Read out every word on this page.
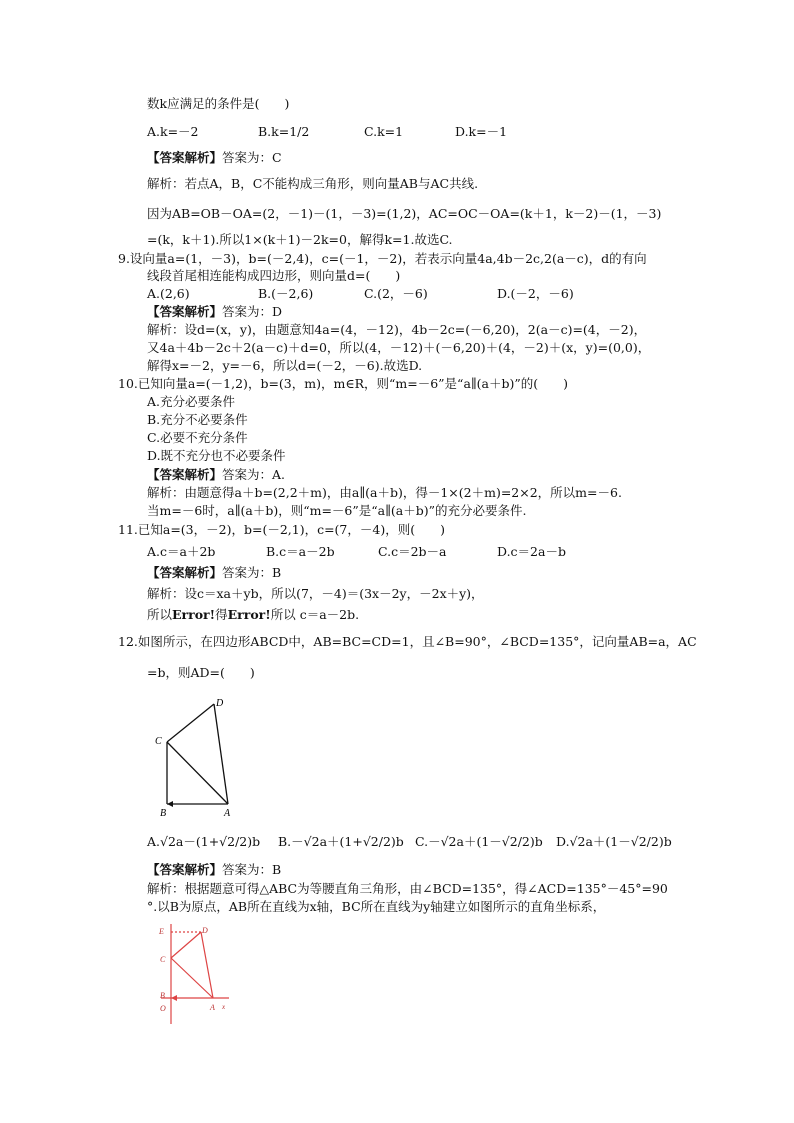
数k应满足的条件是(　　)
A.k=－2	B.k=1/2	C.k=1	D.k=－1
【答案解析】答案为：C
解析：若点A，B，C不能构成三角形，则向量AB与AC共线.
因为AB=OB－OA=(2，－1)－(1，－3)=(1,2)，AC=OC－OA=(k＋1，k－2)－(1，－3)
=(k，k＋1).所以1×(k＋1)－2k=0，解得k=1.故选C.
9.设向量a=(1，－3)，b=(－2,4)，c=(－1，－2)，若表示向量4a,4b－2c,2(a－c)，d的有向
线段首尾相连能构成四边形，则向量d=(　　)
A.(2,6)	B.(－2,6)	C.(2，－6)	D.(－2，－6)
【答案解析】答案为：D
解析：设d=(x，y)，由题意知4a=(4，－12)，4b－2c=(－6,20)，2(a－c)=(4，－2)，
又4a＋4b－2c＋2(a－c)＋d=0，所以(4，－12)＋(－6,20)＋(4，－2)＋(x，y)=(0,0)，
解得x=－2，y=－6，所以d=(－2，－6).故选D.
10.已知向量a=(－1,2)，b=(3，m)，m∈R，则“m=－6”是“a∥(a＋b)”的(　　)
A.充分必要条件
B.充分不必要条件
C.必要不充分条件
D.既不充分也不必要条件
【答案解析】答案为：A.
解析：由题意得a＋b=(2,2＋m)，由a∥(a＋b)，得－1×(2＋m)=2×2，所以m=－6.
当m=－6时，a∥(a＋b)，则“m=－6”是“a∥(a＋b)”的充分必要条件.
11.已知a=(3，－2)，b=(－2,1)，c=(7，－4)，则(　　)
A.c＝a＋2b	B.c＝a－2b	C.c＝2b－a	D.c＝2a－b
【答案解析】答案为：B
解析：设c＝xa＋yb，所以(7，－4)＝(3x－2y，－2x＋y)，
所以Error!得Error!所以 c＝a－2b.
12.如图所示，在四边形ABCD中，AB=BC=CD=1，且∠B=90°，∠BCD=135°，记向量AB=a，AC
=b，则AD=(　　)
D
C
B	A
A.√2a－(1+√2/2)b B.－√2a＋(1+√2/2)b C.－√2a＋(1－√2/2)b D.√2a＋(1－√2/2)b
【答案解析】答案为：B
解析：根据题意可得△ABC为等腰直角三角形，由∠BCD=135°，得∠ACD=135°－45°=90
°.以B为原点，AB所在直线为x轴，BC所在直线为y轴建立如图所示的直角坐标系，
E	D
C
B
O	A x
